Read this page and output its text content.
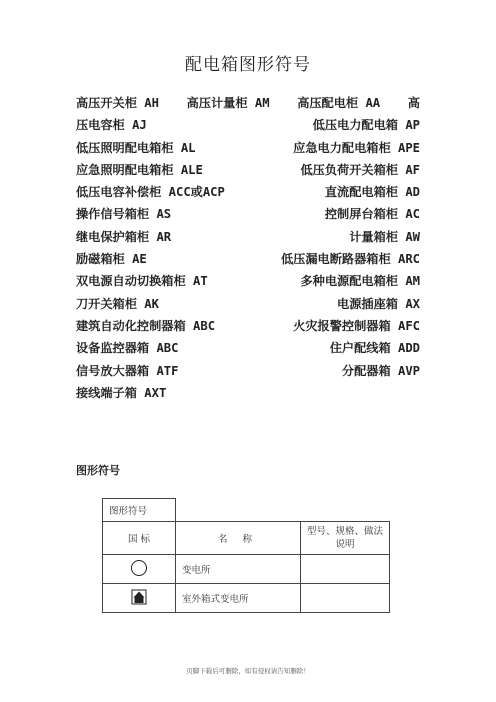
配电箱图形符号
高压开关柜 AH 高压计量柜 AM 高压配电柜 AA 高
压电容柜 AJ	低压电力配电箱 AP
低压照明配电箱柜 AL	应急电力配电箱柜 APE
应急照明配电箱柜 ALE	低压负荷开关箱柜 AF
低压电容补偿柜 ACC或ACP	直流配电箱柜 AD
操作信号箱柜 AS	控制屏台箱柜 AC
继电保护箱柜 AR	计量箱柜 AW
励磁箱柜 AE	低压漏电断路器箱柜 ARC
双电源自动切换箱柜 AT	多种电源配电箱柜 AM
刀开关箱柜 AK	电源插座箱 AX
建筑自动化控制器箱 ABC	火灾报警控制器箱 AFC
设备监控器箱 ABC	住户配线箱 ADD
信号放大器箱 ATF	分配器箱 AVP
接线端子箱 AXT
图形符号
图形符号		
国 标	名 称	型号、规格、做法说明
	变电所	
	室外箱式变电所	
页脚下载后可删除，如有侵权请告知删除！
